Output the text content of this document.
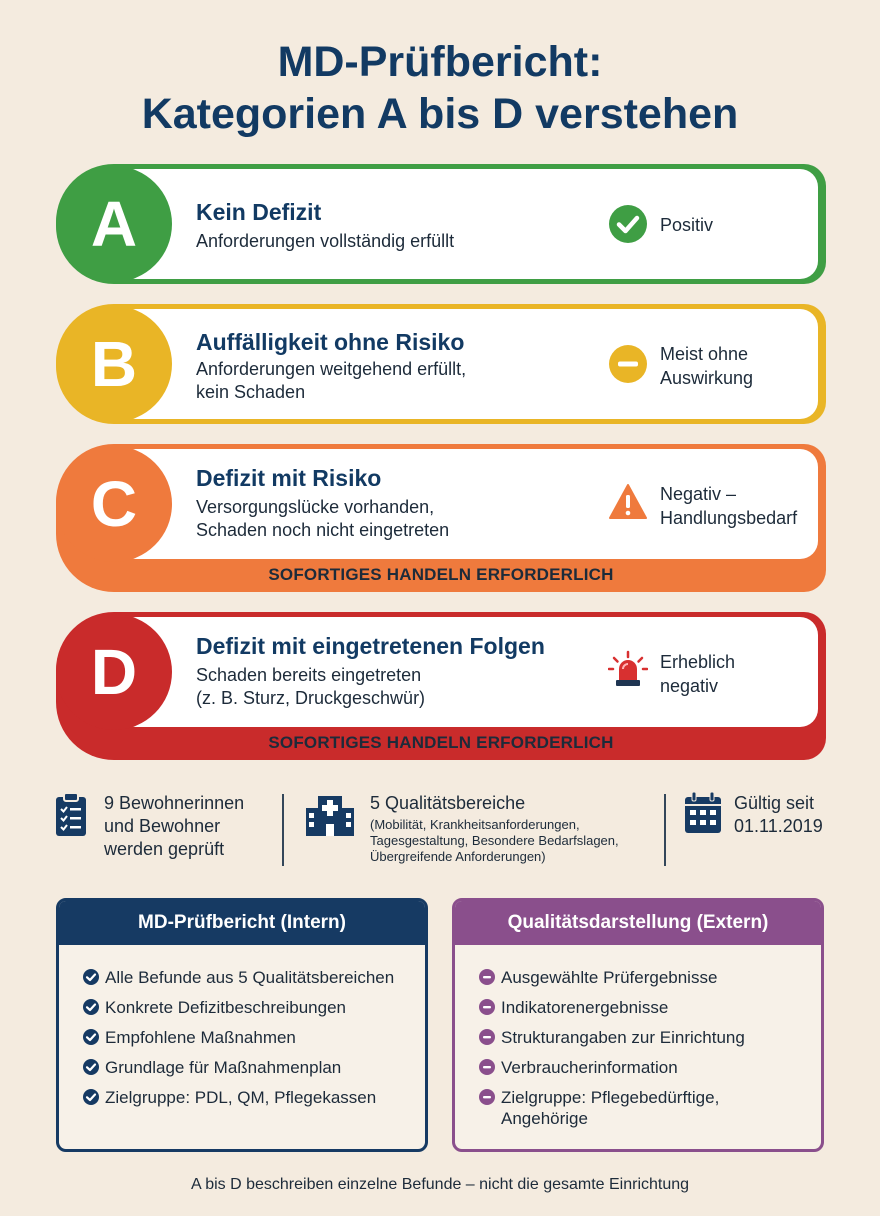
MD-Prüfbericht:
Kategorien A bis D verstehen
A	Kein Defizit
Anforderungen vollständig erfüllt
Positiv
B	Auffälligkeit ohne Risiko
Anforderungen weitgehend erfüllt,
kein Schaden
Meist ohne
Auswirkung
C	Defizit mit Risiko
Versorgungslücke vorhanden,
Schaden noch nicht eingetreten
Negativ –
Handlungsbedarf
SOFORTIGES HANDELN ERFORDERLICH
D	Defizit mit eingetretenen Folgen
Schaden bereits eingetreten
(z. B. Sturz, Druckgeschwür)
Erheblich
negativ
SOFORTIGES HANDELN ERFORDERLICH
9 Bewohnerinnen
und Bewohner
werden geprüft
5 Qualitätsbereiche
(Mobilität, Krankheitsanforderungen,
Tagesgestaltung, Besondere Bedarfslagen,
Übergreifende Anforderungen)
Gültig seit
01.11.2019
MD-Prüfbericht (Intern)
Alle Befunde aus 5 Qualitätsbereichen
Konkrete Defizitbeschreibungen
Empfohlene Maßnahmen
Grundlage für Maßnahmenplan
Zielgruppe: PDL, QM, Pflegekassen
Qualitätsdarstellung (Extern)
Ausgewählte Prüfergebnisse
Indikatorenergebnisse
Strukturangaben zur Einrichtung
Verbraucherinformation
Zielgruppe: Pflegebedürftige,
Angehörige
A bis D beschreiben einzelne Befunde – nicht die gesamte Einrichtung
